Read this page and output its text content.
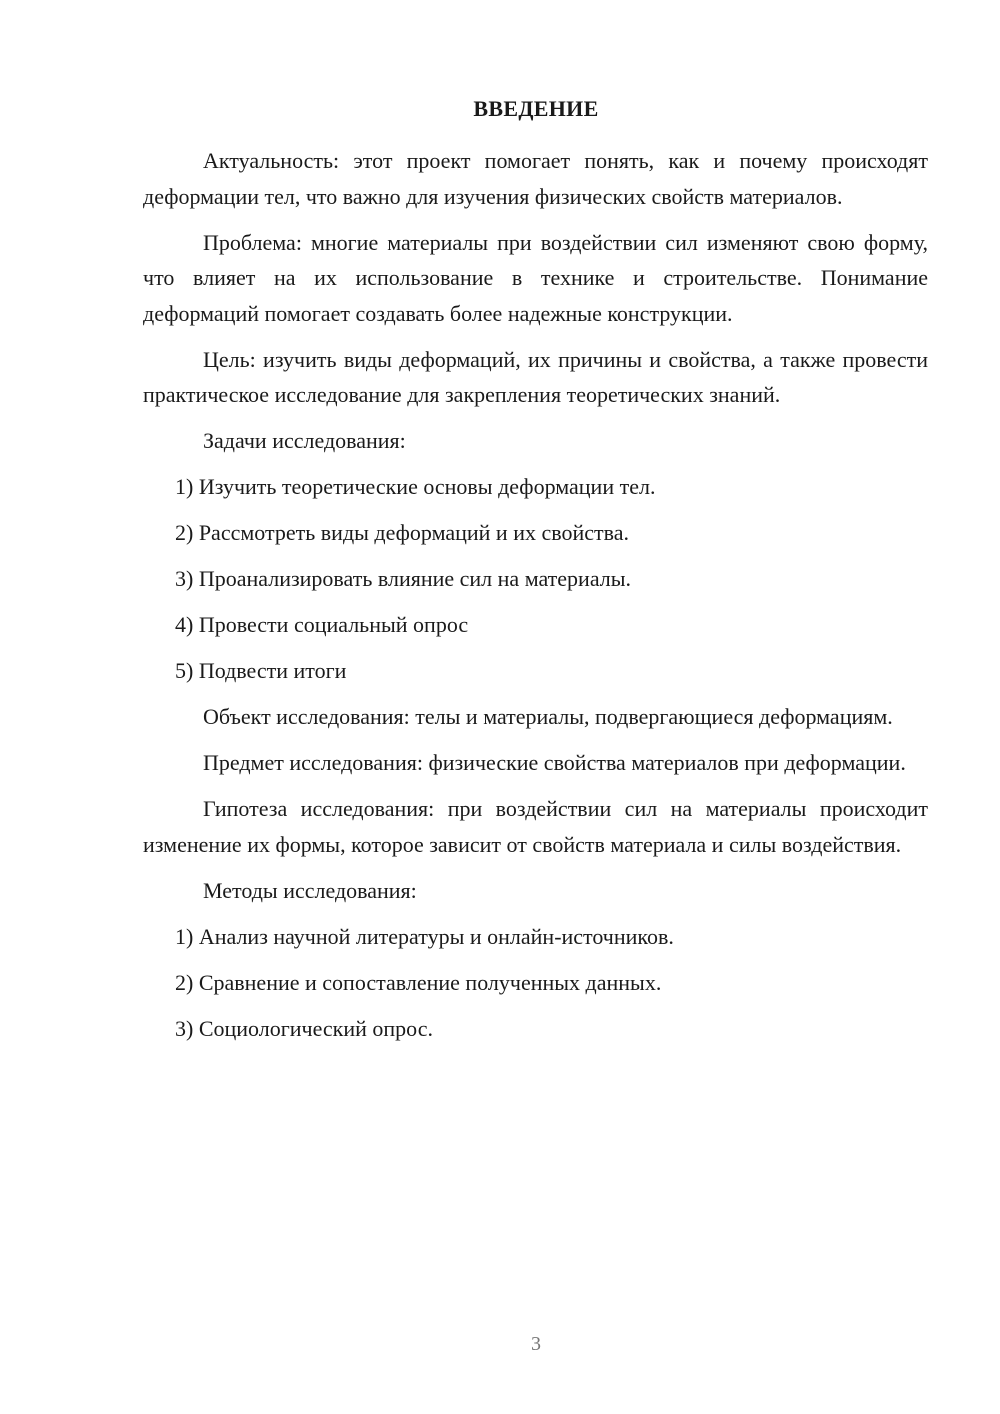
ВВЕДЕНИЕ

Актуальность: этот проект помогает понять, как и почему происходят деформации тел, что важно для изучения физических свойств материалов.

Проблема: многие материалы при воздействии сил изменяют свою форму, что влияет на их использование в технике и строительстве. Понимание деформаций помогает создавать более надежные конструкции.

Цель: изучить виды деформаций, их причины и свойства, а также провести практическое исследование для закрепления теоретических знаний.

Задачи исследования:

1) Изучить теоретические основы деформации тел.

2) Рассмотреть виды деформаций и их свойства.

3) Проанализировать влияние сил на материалы.

4) Провести социальный опрос

5) Подвести итоги

Объект исследования: телы и материалы, подвергающиеся деформациям.

Предмет исследования: физические свойства материалов при деформации.

Гипотеза исследования: при воздействии сил на материалы происходит изменение их формы, которое зависит от свойств материала и силы воздействия.

Методы исследования:

1) Анализ научной литературы и онлайн-источников.

2) Сравнение и сопоставление полученных данных.

3) Социологический опрос.

3
